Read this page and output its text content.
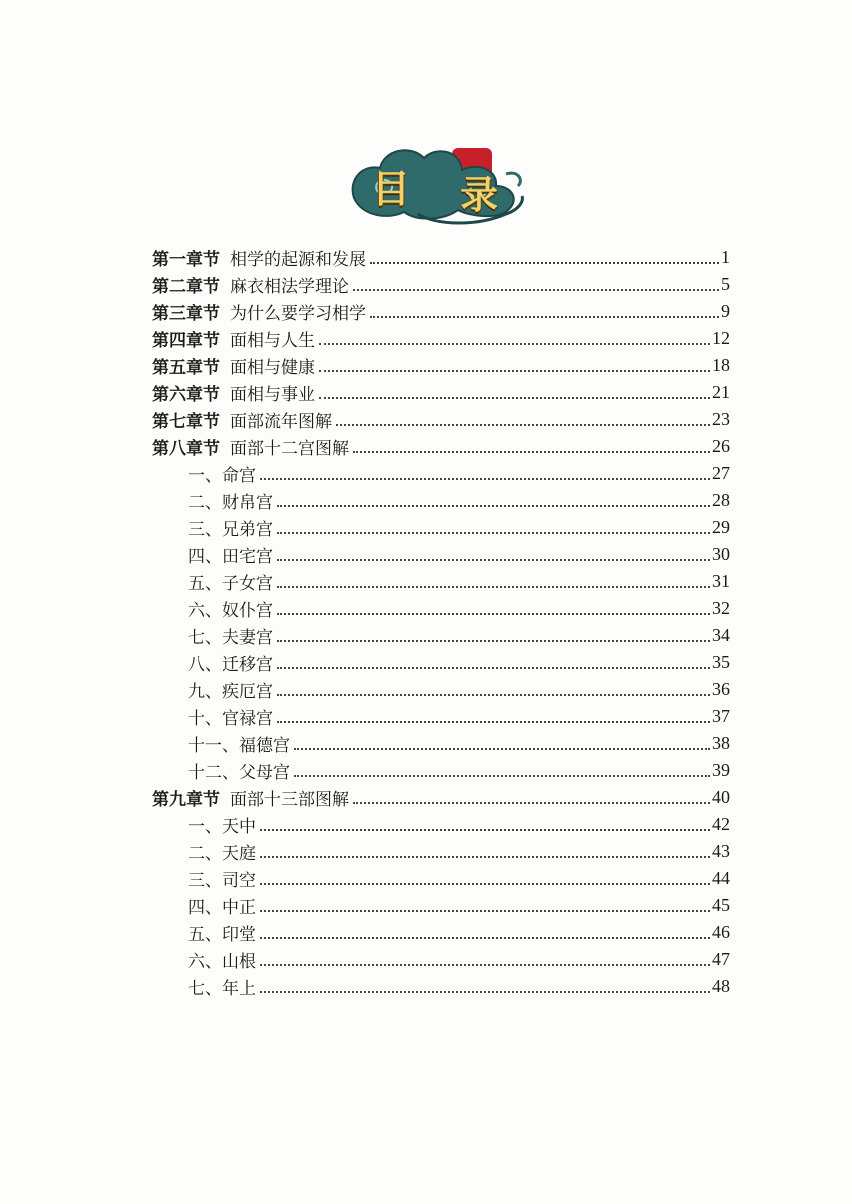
目 录
第一章节 相学的起源和发展	1
第二章节 麻衣相法学理论	5
第三章节 为什么要学习相学	9
第四章节 面相与人生	12
第五章节 面相与健康	18
第六章节 面相与事业	21
第七章节 面部流年图解	23
第八章节 面部十二宫图解	26
一、命宫	27
二、财帛宫	28
三、兄弟宫	29
四、田宅宫	30
五、子女宫	31
六、奴仆宫	32
七、夫妻宫	34
八、迁移宫	35
九、疾厄宫	36
十、官禄宫	37
十一、福德宫	38
十二、父母宫	39
第九章节 面部十三部图解	40
一、天中	42
二、天庭	43
三、司空	44
四、中正	45
五、印堂	46
六、山根	47
七、年上	48
